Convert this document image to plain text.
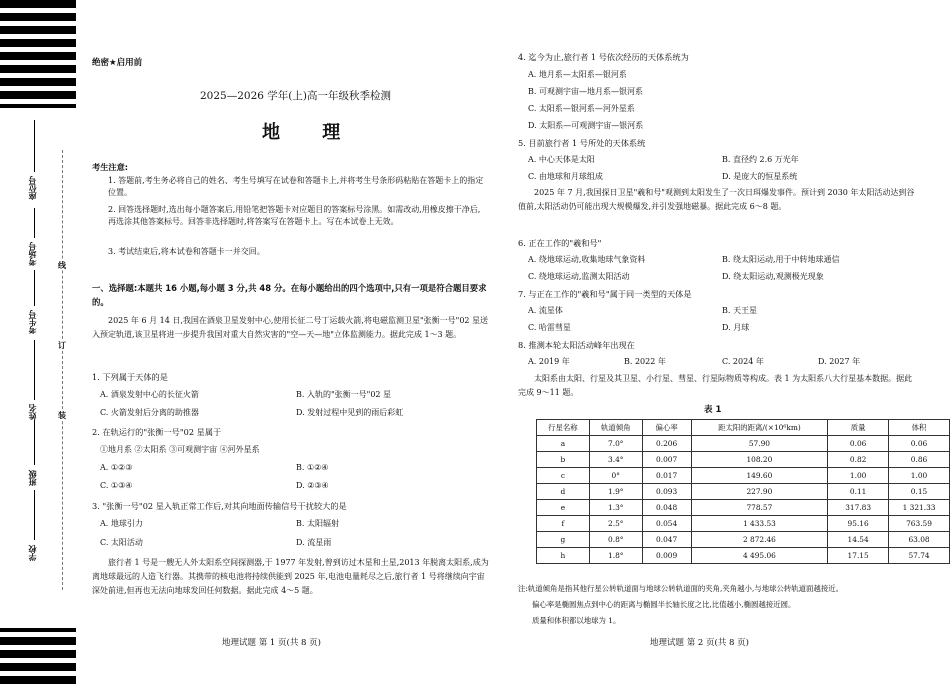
座位号
考场号
考生号
姓名
班级
学校
线
订
装
绝密★启用前
2025—2026 学年(上)高一年级秋季检测
地 理
考生注意:
1. 答题前,考生务必将自己的姓名、考生号填写在试卷和答题卡上,并将考生号条形码粘贴在答题卡上的指定位置。
2. 回答选择题时,选出每小题答案后,用铅笔把答题卡对应题目的答案标号涂黑。如需改动,用橡皮擦干净后,再选涂其他答案标号。回答非选择题时,将答案写在答题卡上。写在本试卷上无效。
3. 考试结束后,将本试卷和答题卡一并交回。
一、选择题:本题共 16 小题,每小题 3 分,共 48 分。在每小题给出的四个选项中,只有一项是符合题目要求的。
2025 年 6 月 14 日,我国在酒泉卫星发射中心,使用长征二号丁运载火箭,将电磁监测卫星"张衡一号"02 星送入预定轨道,该卫星将进一步提升我国对重大自然灾害的"空—天—地"立体监测能力。据此完成 1～3 题。
1. 下列属于天体的是
A. 酒泉发射中心的长征火箭	B. 入轨的"张衡一号"02 星
C. 火箭发射后分离的助推器	D. 发射过程中见到的雨后彩虹
2. 在轨运行的"张衡一号"02 星属于
①地月系 ②太阳系 ③可观测宇宙 ④河外星系
A. ①②③	B. ①②④
C. ①③④	D. ②③④
3. "张衡一号"02 星入轨正常工作后,对其向地面传输信号干扰较大的是
A. 地球引力	B. 太阳辐射
C. 太阳活动	D. 流星雨
旅行者 1 号是一艘无人外太阳系空间探测器,于 1977 年发射,曾到访过木星和土星,2013 年脱离太阳系,成为离地球最远的人造飞行器。其携带的核电池将持续供能到 2025 年,电池电量耗尽之后,旅行者 1 号将继续向宇宙深处前进,但再也无法向地球发回任何数据。据此完成 4～5 题。
地理试题 第 1 页(共 8 页)
4. 迄今为止,旅行者 1 号依次经历的天体系统为
A. 地月系—太阳系—银河系
B. 可观测宇宙—地月系—银河系
C. 太阳系—银河系—河外星系
D. 太阳系—可观测宇宙—银河系
5. 目前旅行者 1 号所处的天体系统
A. 中心天体是太阳	B. 直径约 2.6 万光年
C. 由地球和月球组成	D. 是庞大的恒星系统
2025 年 7 月,我国探日卫星"羲和号"观测到太阳发生了一次日珥爆发事件。预计到 2030 年太阳活动达到谷值前,太阳活动仍可能出现大规模爆发,并引发强地磁暴。据此完成 6～8 题。
6. 正在工作的"羲和号"
A. 绕地球运动,收集地球气象资料	B. 绕太阳运动,用于中转地球通信
C. 绕地球运动,监测太阳活动	D. 绕太阳运动,观测极光现象
7. 与正在工作的"羲和号"属于同一类型的天体是
A. 流星体	B. 天王星
C. 哈雷彗星	D. 月球
8. 推测本轮太阳活动峰年出现在
A. 2019 年	B. 2022 年	C. 2024 年	D. 2027 年
太阳系由太阳、行星及其卫星、小行星、彗星、行星际物质等构成。表 1 为太阳系八大行星基本数据。据此完成 9～11 题。
表 1
行星名称	轨道倾角	偏心率	距太阳的距离/(×10⁶km)	质量	体积
a	7.0°	0.206	57.90	0.06	0.06
b	3.4°	0.007	108.20	0.82	0.86
c	0°	0.017	149.60	1.00	1.00
d	1.9°	0.093	227.90	0.11	0.15
e	1.3°	0.048	778.57	317.83	1 321.33
f	2.5°	0.054	1 433.53	95.16	763.59
g	0.8°	0.047	2 872.46	14.54	63.08
h	1.8°	0.009	4 495.06	17.15	57.74
注:轨道倾角是指其他行星公转轨道面与地球公转轨道面的夹角,夹角越小,与地球公转轨道面越接近。
偏心率是椭圆焦点到中心的距离与椭圆半长轴长度之比,比值越小,椭圆越接近圆。
质量和体积都以地球为 1。
地理试题 第 2 页(共 8 页)
